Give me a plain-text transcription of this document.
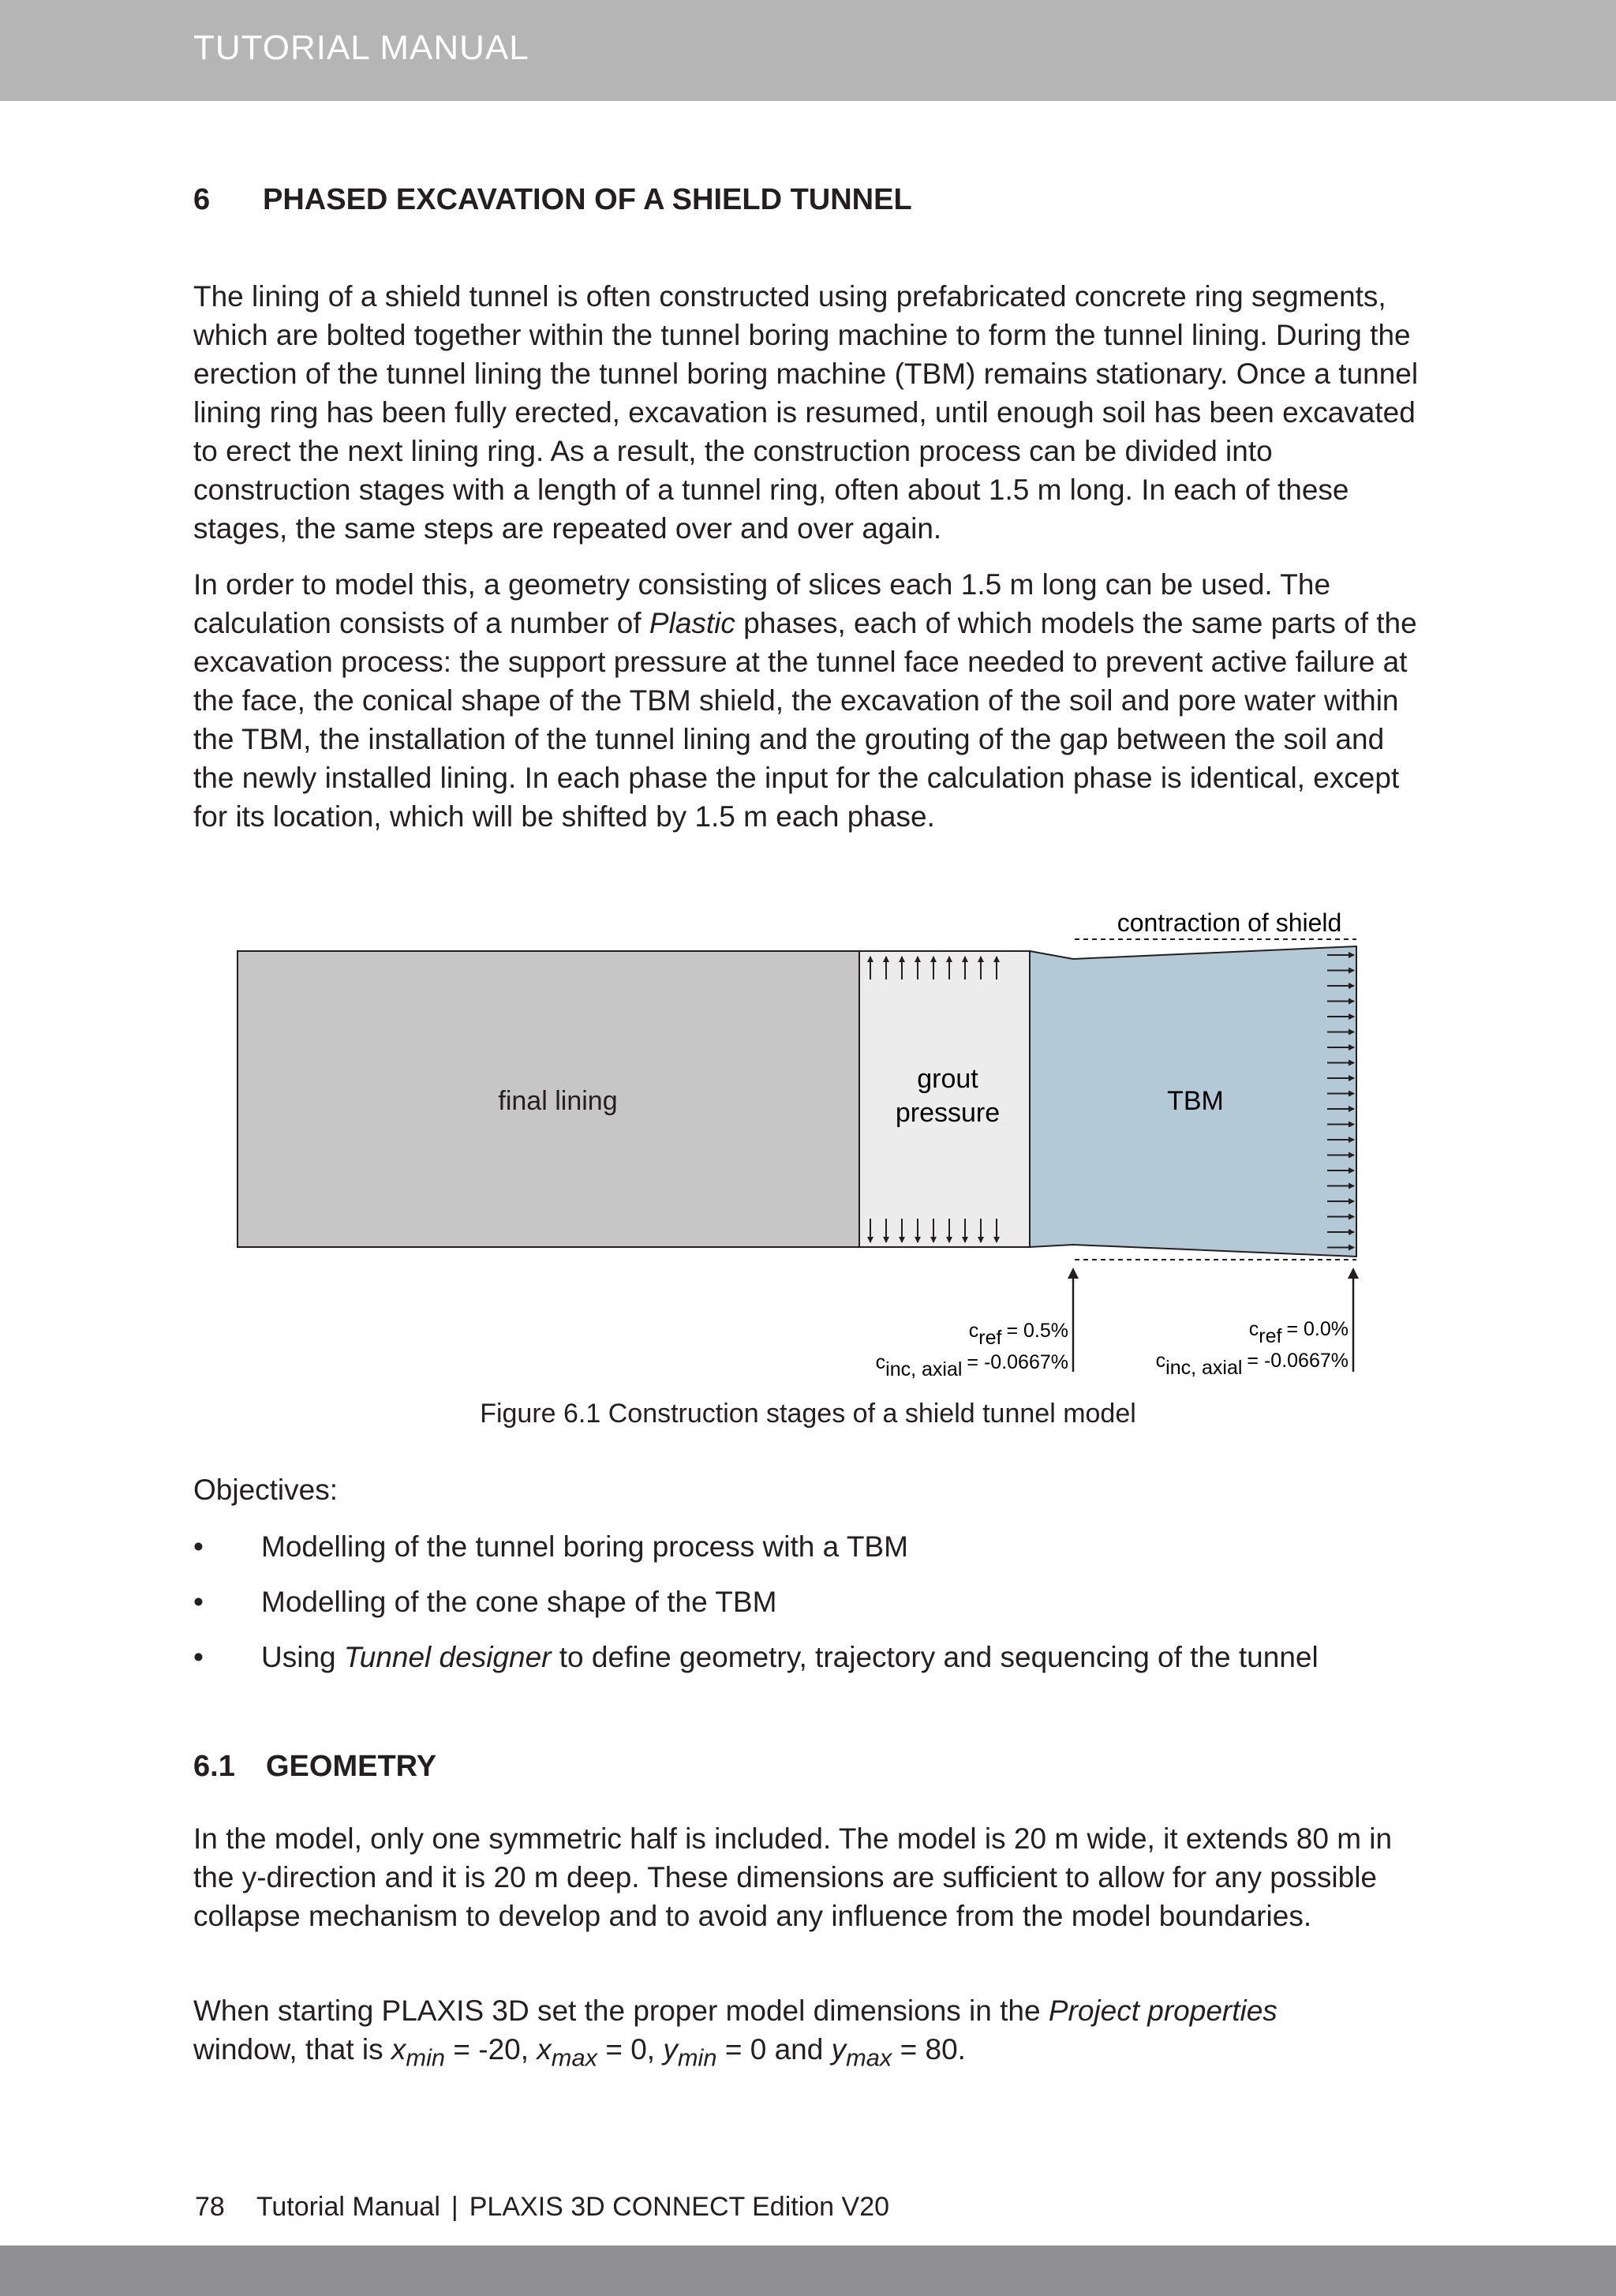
TUTORIAL MANUAL
6 PHASED EXCAVATION OF A SHIELD TUNNEL

The lining of a shield tunnel is often constructed using prefabricated concrete ring segments, which are bolted together within the tunnel boring machine to form the tunnel lining. During the erection of the tunnel lining the tunnel boring machine (TBM) remains stationary. Once a tunnel lining ring has been fully erected, excavation is resumed, until enough soil has been excavated to erect the next lining ring. As a result, the construction process can be divided into construction stages with a length of a tunnel ring, often about 1.5 m long. In each of these stages, the same steps are repeated over and over again.

In order to model this, a geometry consisting of slices each 1.5 m long can be used. The calculation consists of a number of Plastic phases, each of which models the same parts of the excavation process: the support pressure at the tunnel face needed to prevent active failure at the face, the conical shape of the TBM shield, the excavation of the soil and pore water within the TBM, the installation of the tunnel lining and the grouting of the gap between the soil and the newly installed lining. In each phase the input for the calculation phase is identical, except for its location, which will be shifted by 1.5 m each phase.

final lining
grout
pressure	TBM
contraction of shield
cref = 0.5%
cinc, axial = -0.0667%
cref = 0.0%
cinc, axial = -0.0667%
Figure 6.1 Construction stages of a shield tunnel model
Objectives:
• Modelling of the tunnel boring process with a TBM
• Modelling of the cone shape of the TBM
• Using Tunnel designer to define geometry, trajectory and sequencing of the tunnel
6.1 GEOMETRY

In the model, only one symmetric half is included. The model is 20 m wide, it extends 80 m in the y-direction and it is 20 m deep. These dimensions are sufficient to allow for any possible collapse mechanism to develop and to avoid any influence from the model boundaries.

When starting PLAXIS 3D set the proper model dimensions in the Project properties
window, that is $x_{min} = -20$, $x_{max} = 0$, $y_{min} = 0$ and $y_{max} = 80$.

78 Tutorial Manual | PLAXIS 3D CONNECT Edition V20
